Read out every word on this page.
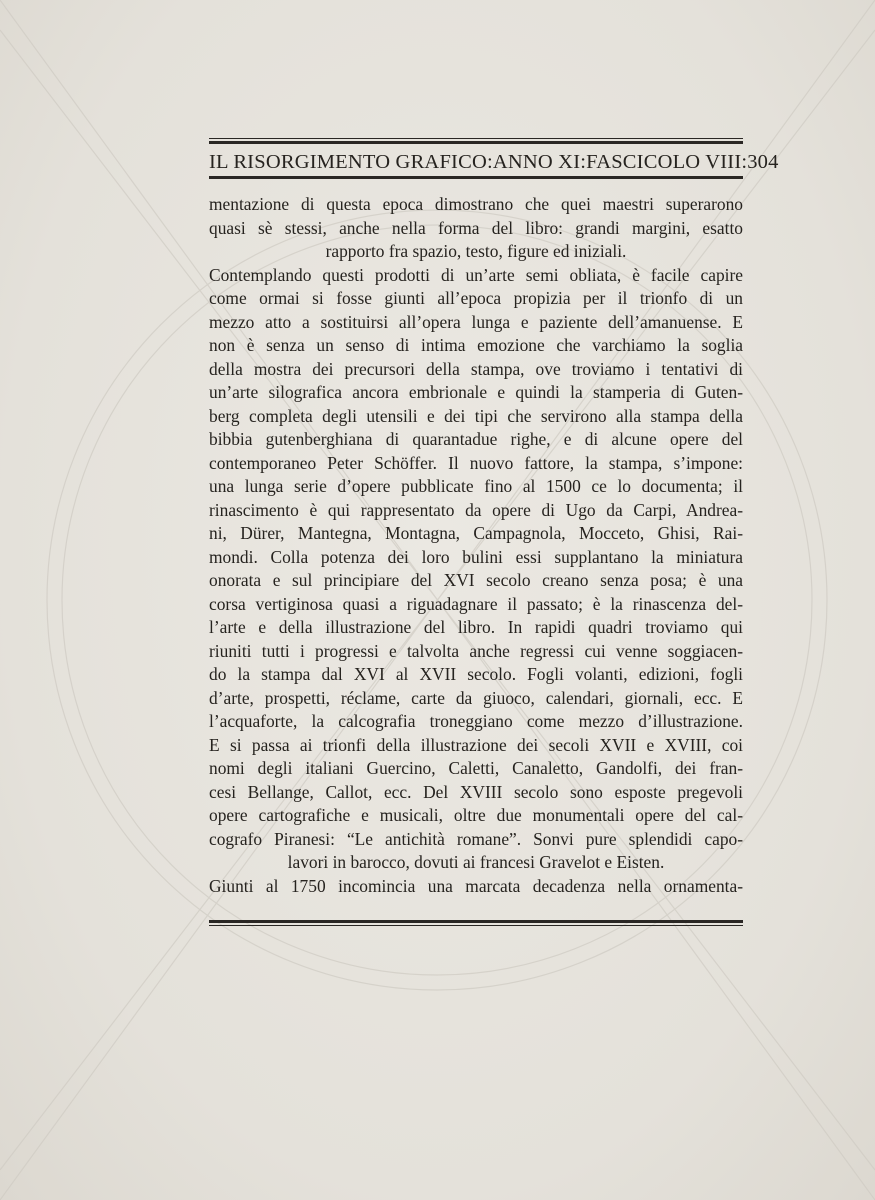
IL RISORGIMENTO GRAFICO:ANNO XI:FASCICOLO VIII:304
mentazione di questa epoca dimostrano che quei maestri superarono
quasi sè stessi, anche nella forma del libro: grandi margini, esatto
rapporto fra spazio, testo, figure ed iniziali.
Contemplando questi prodotti di un’arte semi obliata, è facile capire
come ormai si fosse giunti all’epoca propizia per il trionfo di un
mezzo atto a sostituirsi all’opera lunga e paziente dell’amanuense. E
non è senza un senso di intima emozione che varchiamo la soglia
della mostra dei precursori della stampa, ove troviamo i tentativi di
un’arte silografica ancora embrionale e quindi la stamperia di Guten-
berg completa degli utensili e dei tipi che servirono alla stampa della
bibbia gutenberghiana di quarantadue righe, e di alcune opere del
contemporaneo Peter Schöffer. Il nuovo fattore, la stampa, s’impone:
una lunga serie d’opere pubblicate fino al 1500 ce lo documenta; il
rinascimento è qui rappresentato da opere di Ugo da Carpi, Andrea-
ni, Dürer, Mantegna, Montagna, Campagnola, Mocceto, Ghisi, Rai-
mondi. Colla potenza dei loro bulini essi supplantano la miniatura
onorata e sul principiare del XVI secolo creano senza posa; è una
corsa vertiginosa quasi a riguadagnare il passato; è la rinascenza del-
l’arte e della illustrazione del libro. In rapidi quadri troviamo qui
riuniti tutti i progressi e talvolta anche regressi cui venne soggiacen-
do la stampa dal XVI al XVII secolo. Fogli volanti, edizioni, fogli
d’arte, prospetti, réclame, carte da giuoco, calendari, giornali, ecc. E
l’acquaforte, la calcografia troneggiano come mezzo d’illustrazione.
E si passa ai trionfi della illustrazione dei secoli XVII e XVIII, coi
nomi degli italiani Guercino, Caletti, Canaletto, Gandolfi, dei fran-
cesi Bellange, Callot, ecc. Del XVIII secolo sono esposte pregevoli
opere cartografiche e musicali, oltre due monumentali opere del cal-
cografo Piranesi: “Le antichità romane”. Sonvi pure splendidi capo-
lavori in barocco, dovuti ai francesi Gravelot e Eisten.
Giunti al 1750 incomincia una marcata decadenza nella ornamenta-
